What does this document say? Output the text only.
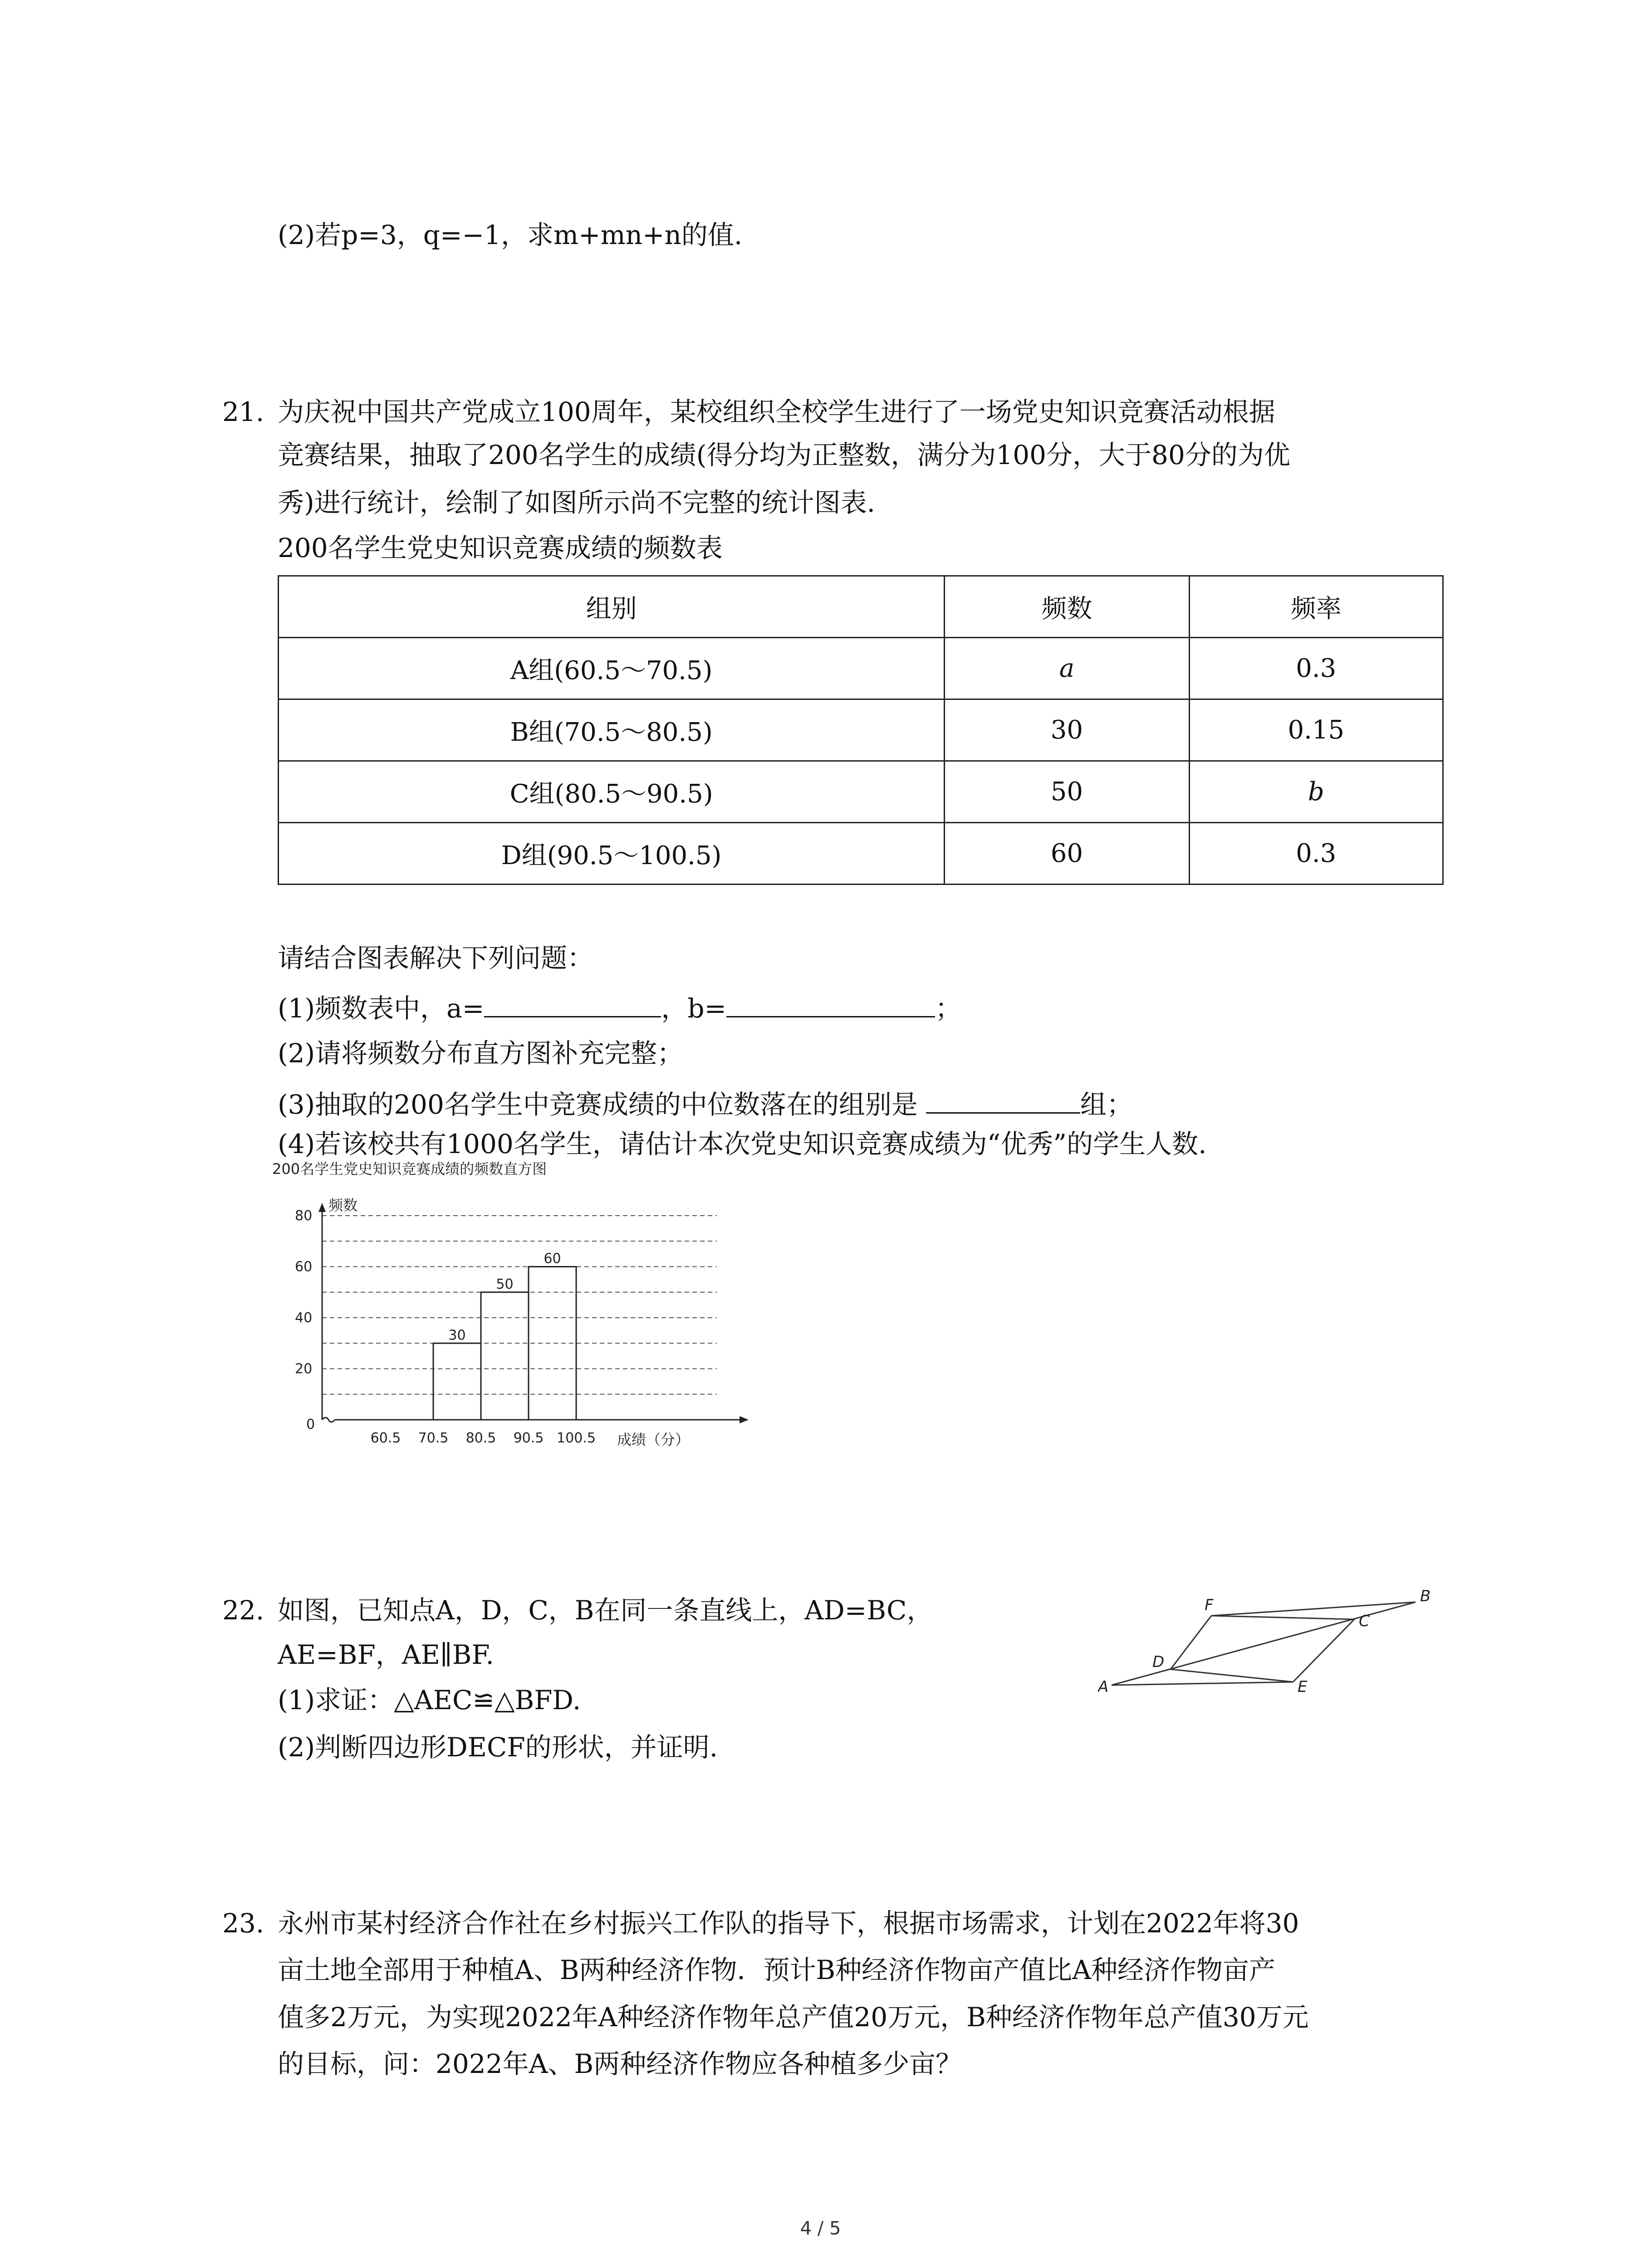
(2)若p=3，q=−1，求m+mn+n的值.
21. 为庆祝中国共产党成立100周年，某校组织全校学生进行了一场党史知识竞赛活动根据
竞赛结果，抽取了200名学生的成绩(得分均为正整数，满分为100分，大于80分的为优
秀)进行统计，绘制了如图所示尚不完整的统计图表.
200名学生党史知识竞赛成绩的频数表
组别	频数	频率
A组(60.5～70.5)	a	0.3
B组(70.5～80.5)	30	0.15
C组(80.5～90.5)	50	b
D组(90.5～100.5)	60	0.3
请结合图表解决下列问题：
(1)频数表中，a=	，b=	；
(2)请将频数分布直方图补充完整；
(3)抽取的200名学生中竞赛成绩的中位数落在的组别是	组；
(4)若该校共有1000名学生，请估计本次党史知识竞赛成绩为“优秀”的学生人数.
200名学生党史知识竞赛成绩的频数直方图
频数
0
20
40
60
80
30
50
60
60.5 70.5 80.5 90.5 100.5 成绩（分）
22. 如图，已知点A，D，C，B在同一条直线上，AD=BC，
AE=BF，AE∥BF.
(1)求证：△AEC≌△BFD.
(2)判断四边形DECF的形状，并证明.
A
B
C
D
E
F
23. 永州市某村经济合作社在乡村振兴工作队的指导下，根据市场需求，计划在2022年将30
亩土地全部用于种植A、B两种经济作物．预计B种经济作物亩产值比A种经济作物亩产
值多2万元，为实现2022年A种经济作物年总产值20万元，B种经济作物年总产值30万元
的目标，问：2022年A、B两种经济作物应各种植多少亩？
4 / 5
